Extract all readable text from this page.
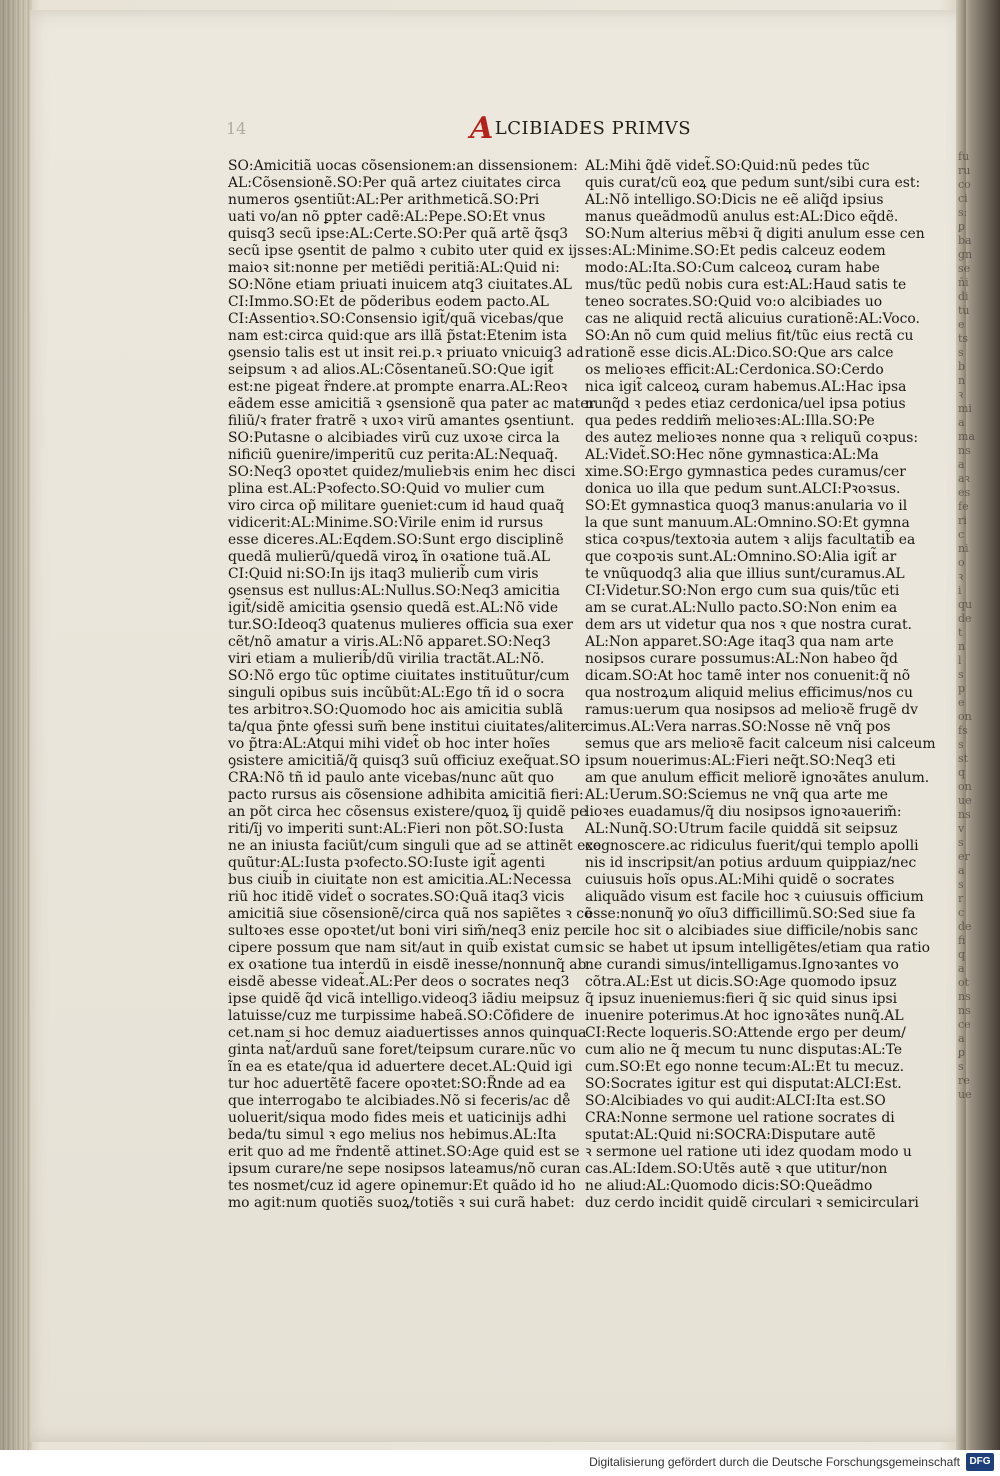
fu
ru
co
ci
s:
ꝑ
ba
gn
se
ñi
di
tu
e
ts
s
b
n
ꝛ
mi
a
ma
ns
a
aꝛ
es
fe
ri
c
ni
o
ꝛ
i
qu
de
t
n
l
s
p
e
on
fs
s
st
q
on
ue
ns
v
s
er
a
s
r
c
de
fi
q
a
ot
ns
ns
ce
a
ꝑ
s
re
ue
14	ALCIBIADES PRIMVS
SO:Amicitiã uocas cõsensionem:an dissensionem:
AL:Cõsensionẽ.SO:Per quã artez ciuitates circa
numeros ꝯsentiũt:AL:Per arithmeticã.SO:Pri
uati vo/an nõ ꝑpter cadẽ:AL:Pepe.SO:Et vnus
quisq3 secũ ipse:AL:Certe.SO:Per quã artẽ q̃sq3
secũ ipse ꝯsentit de palmo ꝛ cubito uter quid ex ijs
maioꝛ sit:nonne per metiẽdi peritiã:AL:Quid ni:
SO:Nõne etiam priuati inuicem atq3 ciuitates.AL
CI:Immo.SO:Et de põderibus eodem pacto.AL
CI:Assentioꝛ.SO:Consensio igit̃/quã vicebas/que
nam est:circa quid:que ars illã p̃stat:Etenim ista
ꝯsensio talis est ut insit rei.p.ꝛ priuato vnicuiq3 ad
seipsum ꝛ ad alios.AL:Cõsentaneũ.SO:Que igit̃
est:ne pigeat r̃ndere.at prompte enarra.AL:Reoꝛ
eãdem esse amicitiã ꝛ ꝯsensionẽ qua pater ac mater
filiũ/ꝛ frater fratrẽ ꝛ uxoꝛ virũ amantes ꝯsentiunt.
SO:Putasne o alcibiades virũ cuz uxoꝛe circa la
nificiũ ꝯuenire/imperitũ cuz perita:AL:Nequaq̃.
SO:Neq3 opoꝛtet quidez/muliebꝛis enim hec disci
plina est.AL:Pꝛofecto.SO:Quid vo mulier cum
viro circa op̃ militare ꝯueniet:cum id haud quaq̃
vidicerit:AL:Minime.SO:Virile enim id rursus
esse diceres.AL:Eqdem.SO:Sunt ergo disciplinẽ
quedã mulierũ/quedã viroꝝ ĩn oꝛatione tuã.AL
CI:Quid ni:SO:In ijs itaq3 mulierib̃ cum viris
ꝯsensus est nullus:AL:Nullus.SO:Neq3 amicitia
igit̃/sidẽ amicitia ꝯsensio quedã est.AL:Nõ vide
tur.SO:Ideoq3 quatenus mulieres officia sua exer
cẽt/nõ amatur a viris.AL:Nõ apparet.SO:Neq3
viri etiam a mulierib̃/dũ virilia tractãt.AL:Nõ.
SO:Nõ ergo tũc optime ciuitates instituũtur/cum
singuli opibus suis incũbũt:AL:Ego tñ id o socra
tes arbitroꝛ.SO:Quomodo hoc ais amicitia sublã
ta/qua p̃nte ꝯfessi sum̃ bene institui ciuitates/aliter
vo p̃tra:AL:Atqui mihi videt̃ ob hoc inter hoĩes
ꝯsistere amicitiã/q̃ quisq3 suũ officiuz exeq̃uat.SO
CRA:Nõ tñ id paulo ante vicebas/nunc aũt quo
pacto rursus ais cõsensione adhibita amicitiã fieri:
an põt circa hec cõsensus existere/quoꝝ ĩj quidẽ pe
riti/ĩj vo imperiti sunt:AL:Fieri non põt.SO:Iusta
ne an iniusta faciũt/cum singuli que ad se attinẽt exe
quũtur:AL:Iusta pꝛofecto.SO:Iuste igit̃ agenti
bus ciuib̃ in ciuitate non est amicitia.AL:Necessa
riũ hoc itidẽ videt̃ o socrates.SO:Quã itaq3 vicis
amicitiã siue cõsensionẽ/circa quã nos sapiẽtes ꝛ cõ
sultoꝛes esse opoꝛtet/ut boni viri sim̃/neq3 eniz per
cipere possum que nam sit/aut in quib̃ existat cum
ex oꝛatione tua interdũ in eisdẽ inesse/nonnunq̃ ab
eisdẽ abesse videat̃.AL:Per deos o socrates neq3
ipse quidẽ q̃d vicã intelligo.videoq3 iãdiu meipsuz
latuisse/cuz me turpissime habeã.SO:Cõfidere de
cet.nam si hoc demuz aiaduertisses annos quinqua
ginta nat̃/arduũ sane foret/teipsum curare.nũc vo
ĩn ea es etate/qua id aduertere decet.AL:Quid igi
tur hoc aduertẽtẽ facere opoꝛtet:SO:R̃nde ad ea
que interrogabo te alcibiades.Nõ si feceris/ac de̊
uoluerit/siqua modo fides meis et uaticinijs adhi
beda/tu simul ꝛ ego melius nos hebimus.AL:Ita
erit quo ad me r̃ndentẽ attinet.SO:Age quid est se
ipsum curare/ne sepe nosipsos lateamus/nõ curan
tes nosmet/cuz id agere opinemur:Et quãdo id ho
mo agit:num quotiẽs suoꝝ/totiẽs ꝛ sui curã habet:
AL:Mihi q̃dẽ videt̃.SO:Quid:nũ pedes tũc
quis curat/cũ eoꝝ que pedum sunt/sibi cura est:
AL:Nõ intelligo.SO:Dicis ne eẽ aliq̃d ipsius
manus queãdmodũ anulus est:AL:Dico eq̃dẽ.
SO:Num alterius mẽbꝛi q̃ digiti anulum esse cen
ses:AL:Minime.SO:Et pedis calceuz eodem
modo:AL:Ita.SO:Cum calceoꝝ curam habe
mus/tũc pedũ nobis cura est:AL:Haud satis te
teneo socrates.SO:Quid vo:o alcibiades uo
cas ne aliquid rectã alicuius curationẽ:AL:Voco.
SO:An nõ cum quid melius fit/tũc eius rectã cu
rationẽ esse dicis.AL:Dico.SO:Que ars calce
os melioꝛes efficit:AL:Cerdonica.SO:Cerdo
nica igit̃ calceoꝝ curam habemus.AL:Hac ipsa
nunq̃d ꝛ pedes etiaz cerdonica/uel ipsa potius
qua pedes reddim̃ melioꝛes:AL:Illa.SO:Pe
des autez melioꝛes nonne qua ꝛ reliquũ coꝛpus:
AL:Videt̃.SO:Hec nõne gymnastica:AL:Ma
xime.SO:Ergo gymnastica pedes curamus/cer
donica uo illa que pedum sunt.ALCI:Pꝛoꝛsus.
SO:Et gymnastica quoq3 manus:anularia vo il
la que sunt manuum.AL:Omnino.SO:Et gymna
stica coꝛpus/textoꝛia autem ꝛ alijs facultatib̃ ea
que coꝛpoꝛis sunt.AL:Omnino.SO:Alia igit̃ ar
te vnũquodq3 alia que illius sunt/curamus.AL
CI:Videtur.SO:Non ergo cum sua quis/tũc eti
am se curat.AL:Nullo pacto.SO:Non enim ea
dem ars ut videtur qua nos ꝛ que nostra curat.
AL:Non apparet.SO:Age itaq3 qua nam arte
nosipsos curare possumus:AL:Non habeo q̃d
dicam.SO:At hoc tamẽ inter nos conuenit:q̃ nõ
qua nostroꝝum aliquid melius efficimus/nos cu
ramus:uerum qua nosipsos ad melioꝛẽ frugẽ dv
cimus.AL:Vera narras.SO:Nosse nẽ vnq̃ pos
semus que ars melioꝛẽ facit calceum nisi calceum
ipsum nouerimus:AL:Fieri neq̃t.SO:Neq3 eti
am que anulum efficit meliorẽ ignoꝛãtes anulum.
AL:Uerum.SO:Sciemus ne vnq̃ qua arte me
lioꝛes euadamus/q̃ diu nosipsos ignoꝛauerim̃:
AL:Nunq̃.SO:Utrum facile quiddã sit seipsuz
cognoscere.ac ridiculus fuerit/qui templo apolli
nis id inscripsit/an potius arduum quippiaz/nec
cuiusuis hoĩs opus.AL:Mihi quidẽ o socrates
aliquãdo visum est facile hoc ꝛ cuiusuis officium
esse:nonunq̃ ꝟo oĩu3 difficillimũ.SO:Sed siue fa
cile hoc sit o alcibiades siue difficile/nobis sanc
sic se habet ut ipsum intelligẽtes/etiam qua ratio
ne curandi simus/intelligamus.Ignoꝛantes vo
cõtra.AL:Est ut dicis.SO:Age quomodo ipsuz
q̃ ipsuz inueniemus:fieri q̃ sic quid sinus ipsi
inuenire poterimus.At hoc ignoꝛãtes nunq̃.AL
CI:Recte loqueris.SO:Attende ergo per deum/
cum alio ne q̃ mecum tu nunc disputas:AL:Te
cum.SO:Et ego nonne tecum:AL:Et tu mecuz.
SO:Socrates igitur est qui disputat:ALCI:Est.
SO:Alcibiades vo qui audit:ALCI:Ita est.SO
CRA:Nonne sermone uel ratione socrates di
sputat:AL:Quid ni:SOCRA:Disputare autẽ
ꝛ sermone uel ratione uti idez quodam modo u
cas.AL:Idem.SO:Utẽs autẽ ꝛ que utitur/non
ne aliud:AL:Quomodo dicis:SO:Queãdmo
duz cerdo incidit quidẽ circulari ꝛ semicirculari
Digitalisierung gefördert durch die Deutsche Forschungsgemeinschaft DFG
